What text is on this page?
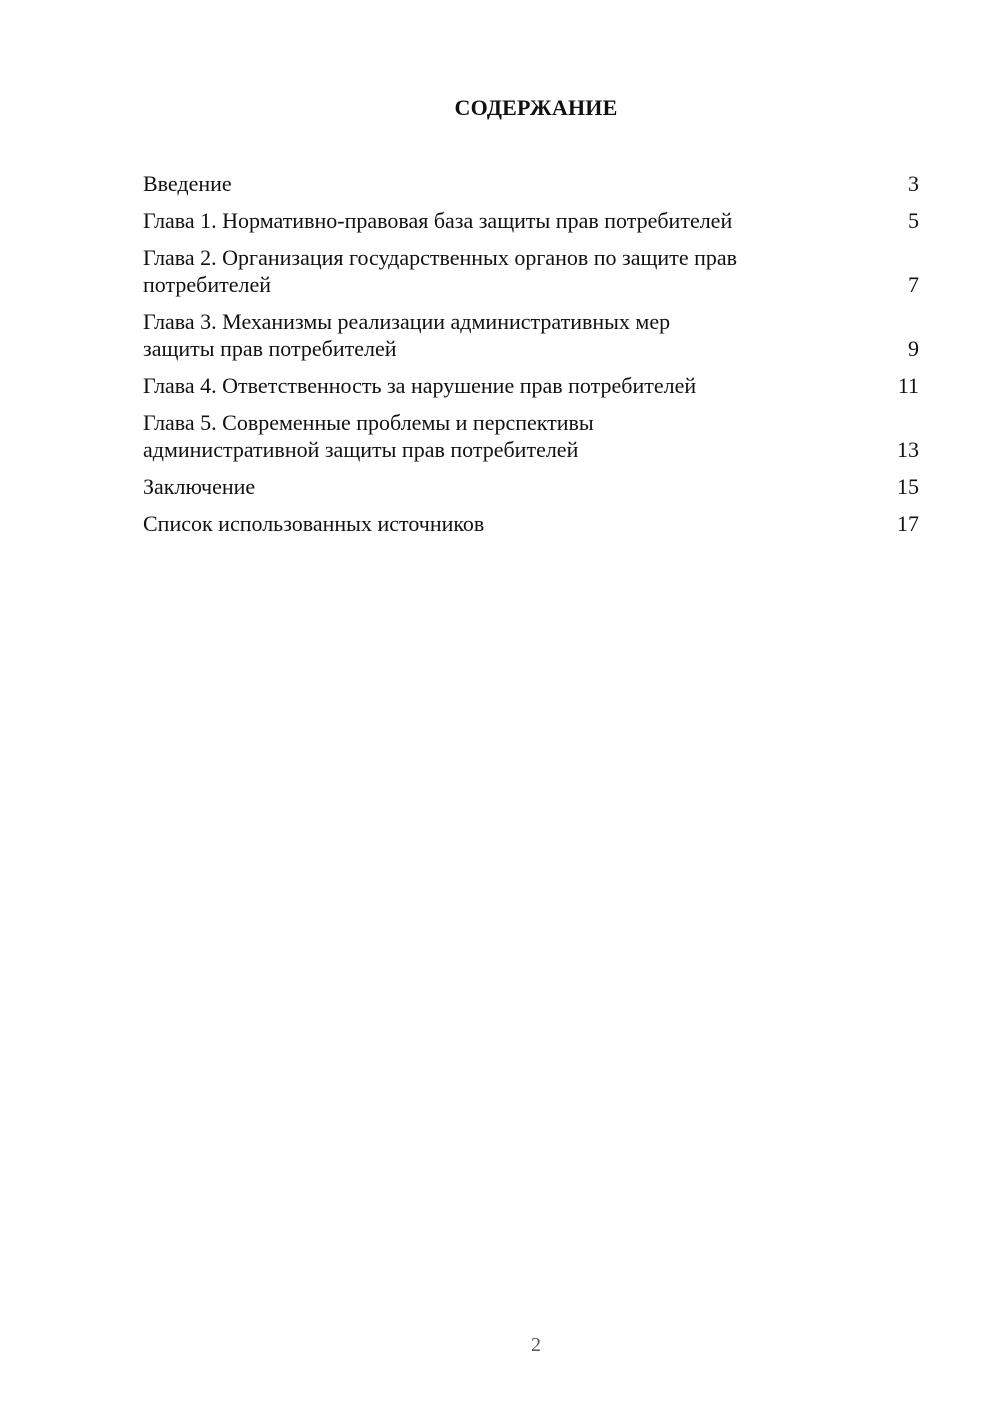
СОДЕРЖАНИЕ
Введение	3
Глава 1. Нормативно-правовая база защиты прав потребителей	5
Глава 2. Организация государственных органов по защите прав
потребителей	7
Глава 3. Механизмы реализации административных мер
защиты прав потребителей	9
Глава 4. Ответственность за нарушение прав потребителей	11
Глава 5. Современные проблемы и перспективы
административной защиты прав потребителей	13
Заключение	15
Список использованных источников	17
2
